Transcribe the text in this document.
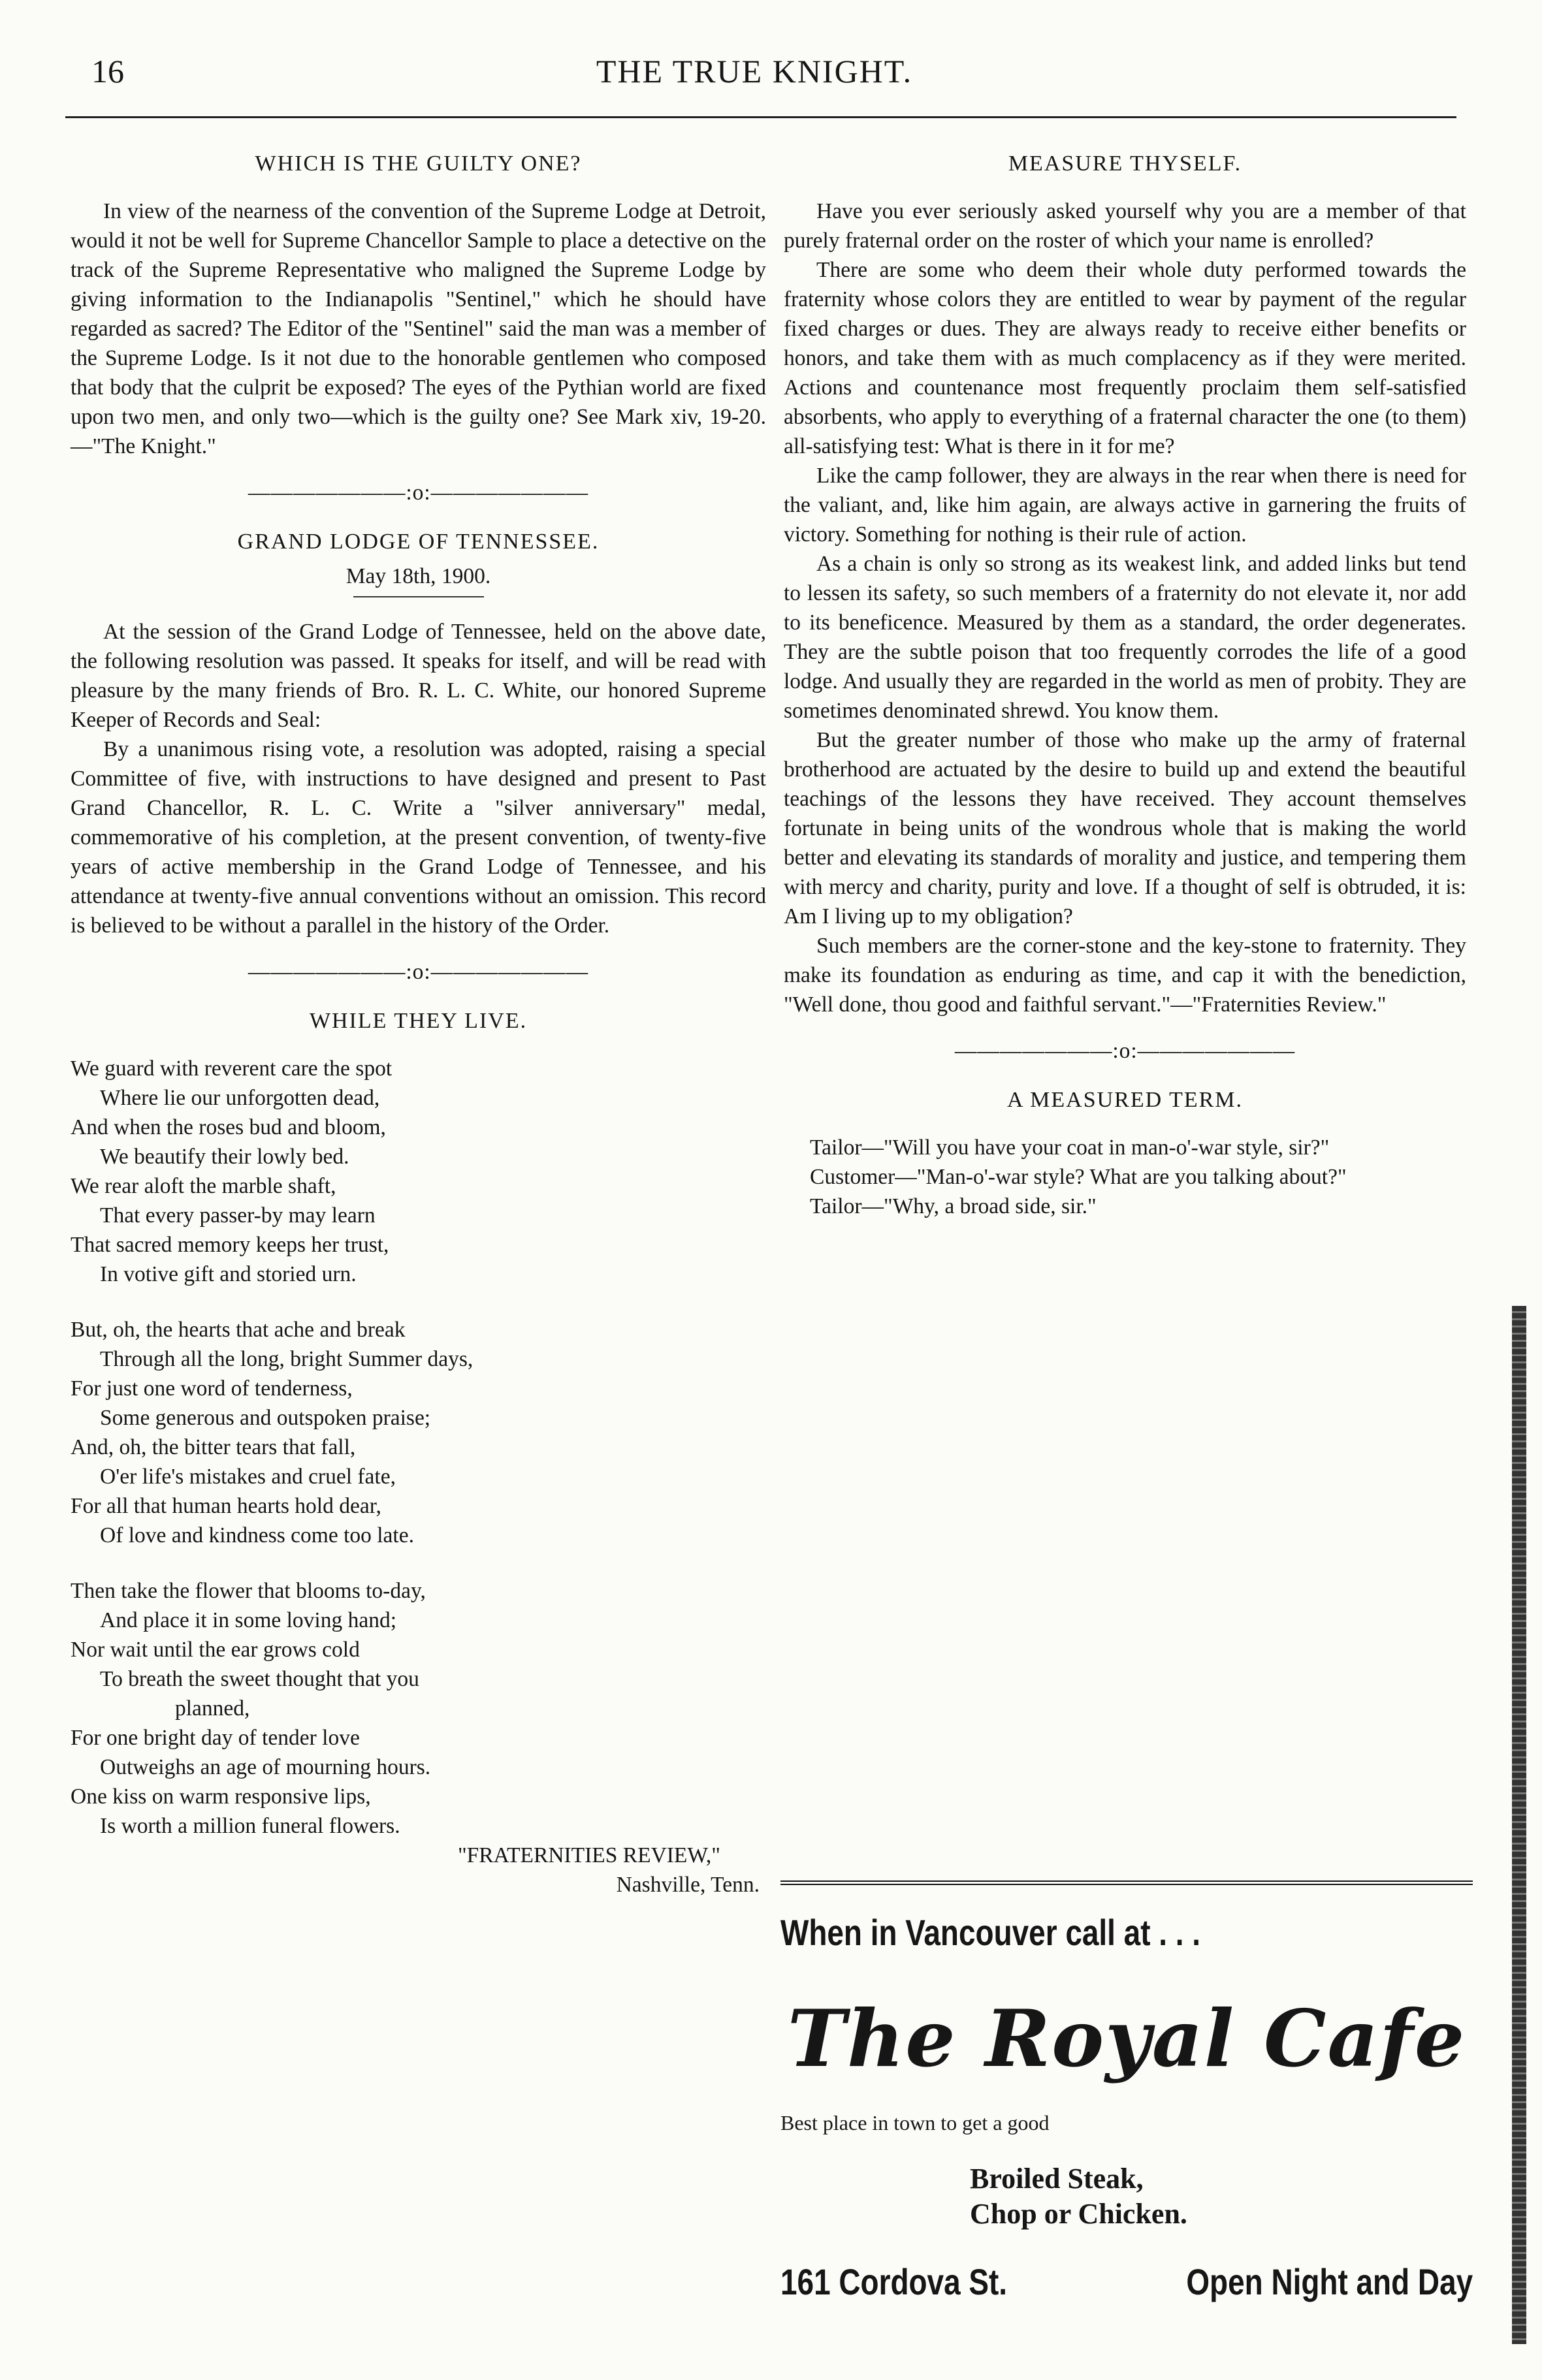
16	THE TRUE KNIGHT.
WHICH IS THE GUILTY ONE?

In view of the nearness of the convention of the Supreme Lodge at Detroit, would it not be well for Supreme Chancellor Sample to place a detective on the track of the Supreme Representative who maligned the Supreme Lodge by giving information to the Indianapolis "Sentinel," which he should have regarded as sacred? The Editor of the "Sentinel" said the man was a member of the Supreme Lodge. Is it not due to the honorable gentlemen who composed that body that the culprit be exposed? The eyes of the Pythian world are fixed upon two men, and only two—which is the guilty one? See Mark xiv, 19-20.—"The Knight."

———————:o:———————
GRAND LODGE OF TENNESSEE.
May 18th, 1900.

At the session of the Grand Lodge of Tennessee, held on the above date, the following resolution was passed. It speaks for itself, and will be read with pleasure by the many friends of Bro. R. L. C. White, our honored Supreme Keeper of Records and Seal:

By a unanimous rising vote, a resolution was adopted, raising a special Committee of five, with instructions to have designed and present to Past Grand Chancellor, R. L. C. Write a "silver anniversary" medal, commemorative of his completion, at the present convention, of twenty-five years of active membership in the Grand Lodge of Tennessee, and his attendance at twenty-five annual conventions without an omission. This record is believed to be without a parallel in the history of the Order.

———————:o:———————
WHILE THEY LIVE.
We guard with reverent care the spot
Where lie our unforgotten dead,
And when the roses bud and bloom,
We beautify their lowly bed.
We rear aloft the marble shaft,
That every passer-by may learn
That sacred memory keeps her trust,
In votive gift and storied urn.
But, oh, the hearts that ache and break
Through all the long, bright Summer days,
For just one word of tenderness,
Some generous and outspoken praise;
And, oh, the bitter tears that fall,
O'er life's mistakes and cruel fate,
For all that human hearts hold dear,
Of love and kindness come too late.
Then take the flower that blooms to-day,
And place it in some loving hand;
Nor wait until the ear grows cold
To breath the sweet thought that you
planned,
For one bright day of tender love
Outweighs an age of mourning hours.
One kiss on warm responsive lips,
Is worth a million funeral flowers.
"FRATERNITIES REVIEW,"
Nashville, Tenn.
MEASURE THYSELF.

Have you ever seriously asked yourself why you are a member of that purely fraternal order on the roster of which your name is enrolled?

There are some who deem their whole duty performed towards the fraternity whose colors they are entitled to wear by payment of the regular fixed charges or dues. They are always ready to receive either benefits or honors, and take them with as much complacency as if they were merited. Actions and countenance most frequently proclaim them self-satisfied absorbents, who apply to everything of a fraternal character the one (to them) all-satisfying test: What is there in it for me?

Like the camp follower, they are always in the rear when there is need for the valiant, and, like him again, are always active in garnering the fruits of victory. Something for nothing is their rule of action.

As a chain is only so strong as its weakest link, and added links but tend to lessen its safety, so such members of a fraternity do not elevate it, nor add to its beneficence. Measured by them as a standard, the order degenerates. They are the subtle poison that too frequently corrodes the life of a good lodge. And usually they are regarded in the world as men of probity. They are sometimes denominated shrewd. You know them.

But the greater number of those who make up the army of fraternal brotherhood are actuated by the desire to build up and extend the beautiful teachings of the lessons they have received. They account themselves fortunate in being units of the wondrous whole that is making the world better and elevating its standards of morality and justice, and tempering them with mercy and charity, purity and love. If a thought of self is obtruded, it is: Am I living up to my obligation?

Such members are the corner-stone and the key-stone to fraternity. They make its foundation as enduring as time, and cap it with the benediction, "Well done, thou good and faithful servant."—"Fraternities Review."

———————:o:———————
A MEASURED TERM.

Tailor—"Will you have your coat in man-o'-war style, sir?"

Customer—"Man-o'-war style? What are you talking about?"

Tailor—"Why, a broad side, sir."

When in Vancouver call at . . .
The Royal Cafe
Best place in town to get a good
Broiled Steak,
Chop or Chicken.
161 Cordova St.	Open Night and Day
